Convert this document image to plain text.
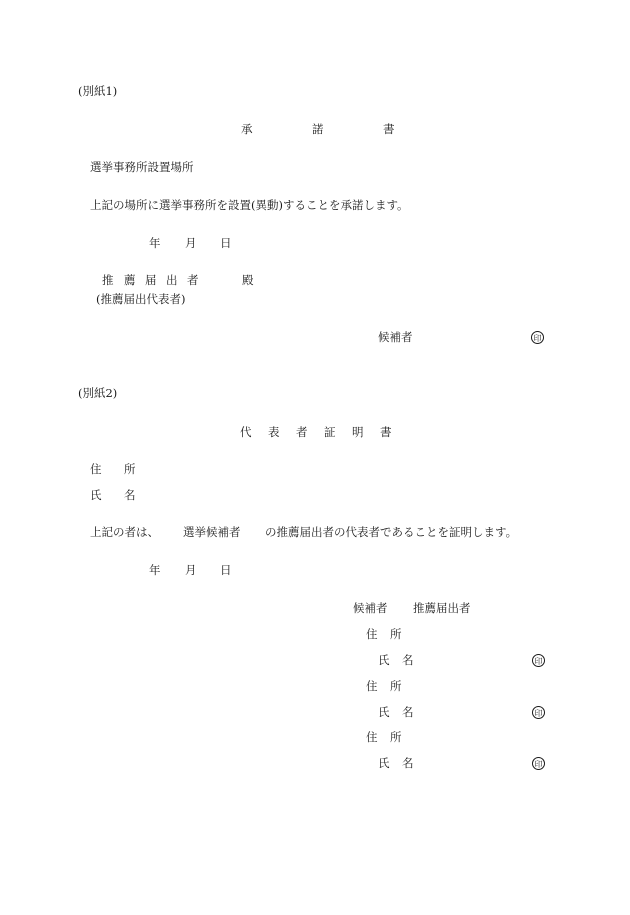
(別紙1)
承	諾	書
選挙事務所設置場所
上記の場所に選挙事務所を設置(異動)することを承諾します。
年 月 日
推 薦 届 出 者	殿
(推薦届出代表者)
候補者	印
(別紙2)
代 表 者 証 明 書
住 所
氏 名
上記の者は、 選挙候補者 の推薦届出者の代表者であることを証明します。
年 月 日
候補者 推薦届出者
住 所
氏 名	印
住 所
氏 名	印
住 所
氏 名	印
